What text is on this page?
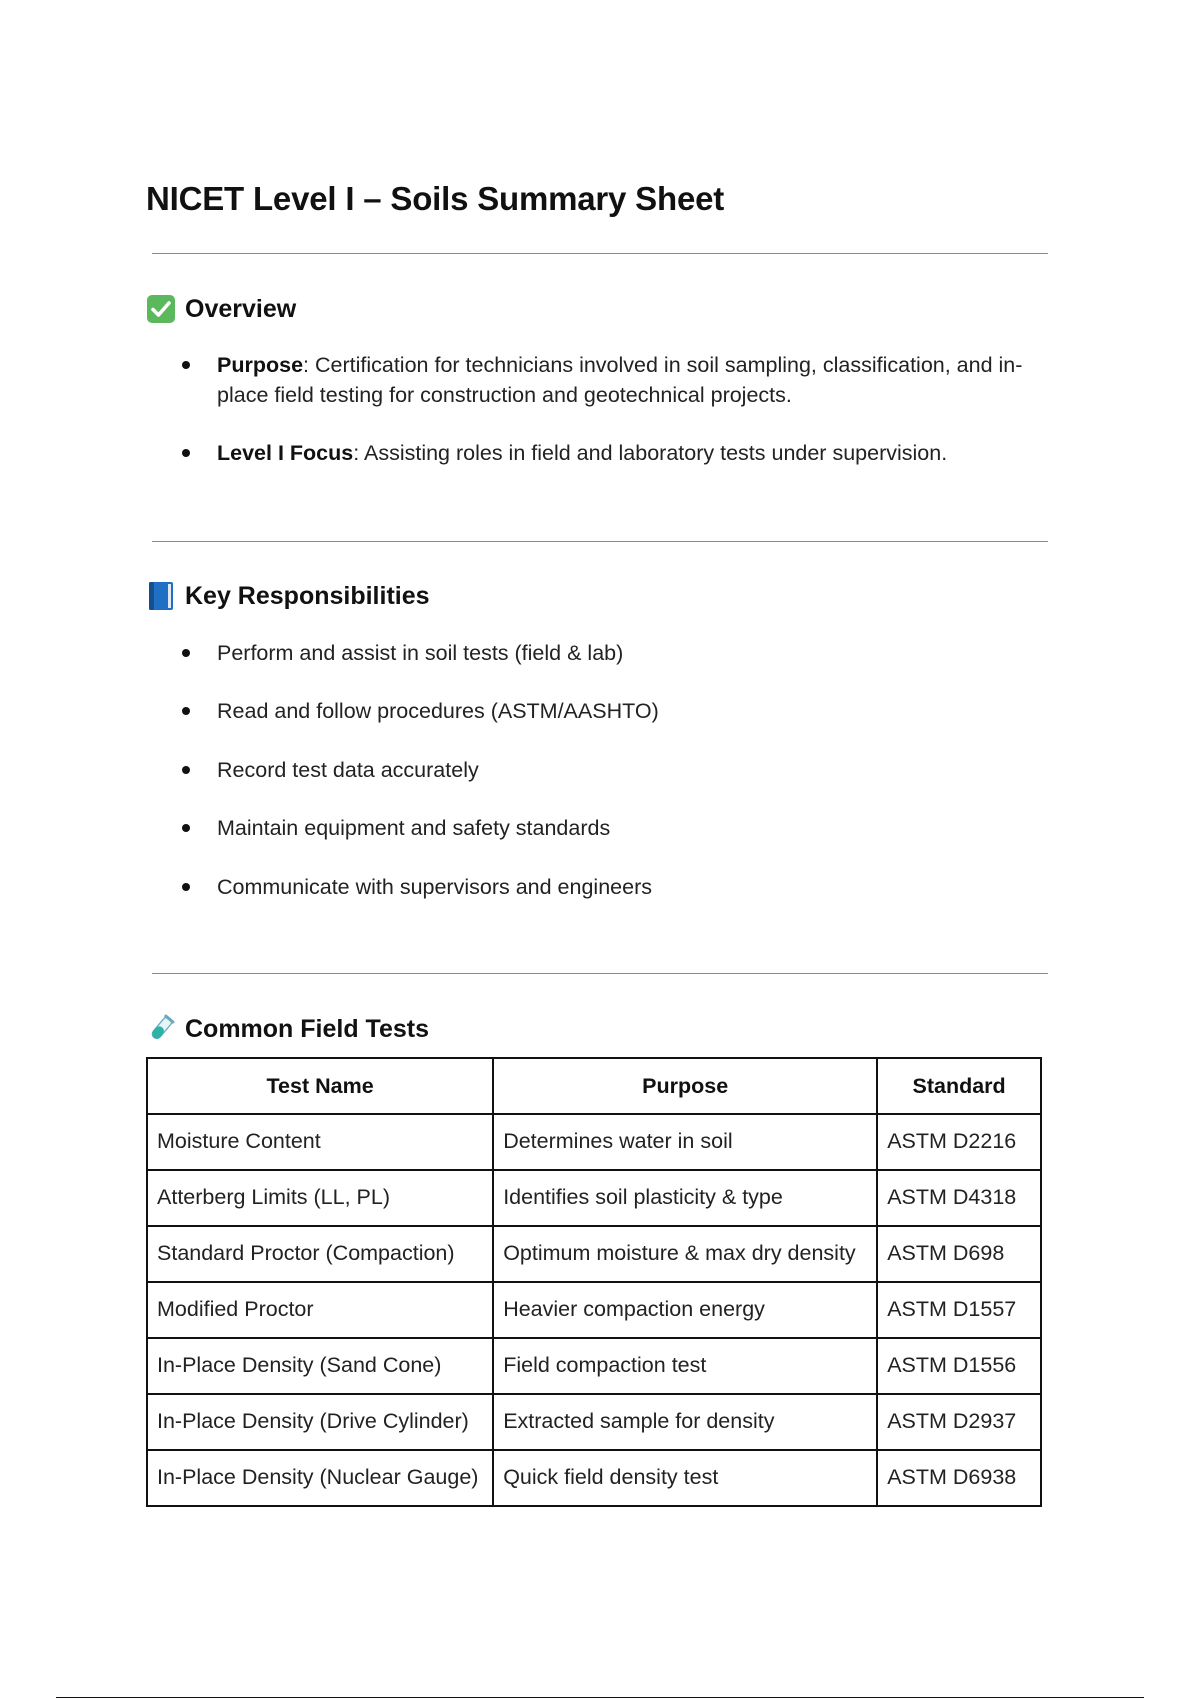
NICET Level I – Soils Summary Sheet
Overview
Purpose: Certification for technicians involved in soil sampling, classification, and in-place field testing for construction and geotechnical projects.
Level I Focus: Assisting roles in field and laboratory tests under supervision.
Key Responsibilities
Perform and assist in soil tests (field & lab)
Read and follow procedures (ASTM/AASHTO)
Record test data accurately
Maintain equipment and safety standards
Communicate with supervisors and engineers
Common Field Tests
Test Name	Purpose	Standard
Moisture Content	Determines water in soil	ASTM D2216
Atterberg Limits (LL, PL)	Identifies soil plasticity & type	ASTM D4318
Standard Proctor (Compaction)	Optimum moisture & max dry density	ASTM D698
Modified Proctor	Heavier compaction energy	ASTM D1557
In-Place Density (Sand Cone)	Field compaction test	ASTM D1556
In-Place Density (Drive Cylinder)	Extracted sample for density	ASTM D2937
In-Place Density (Nuclear Gauge)	Quick field density test	ASTM D6938
